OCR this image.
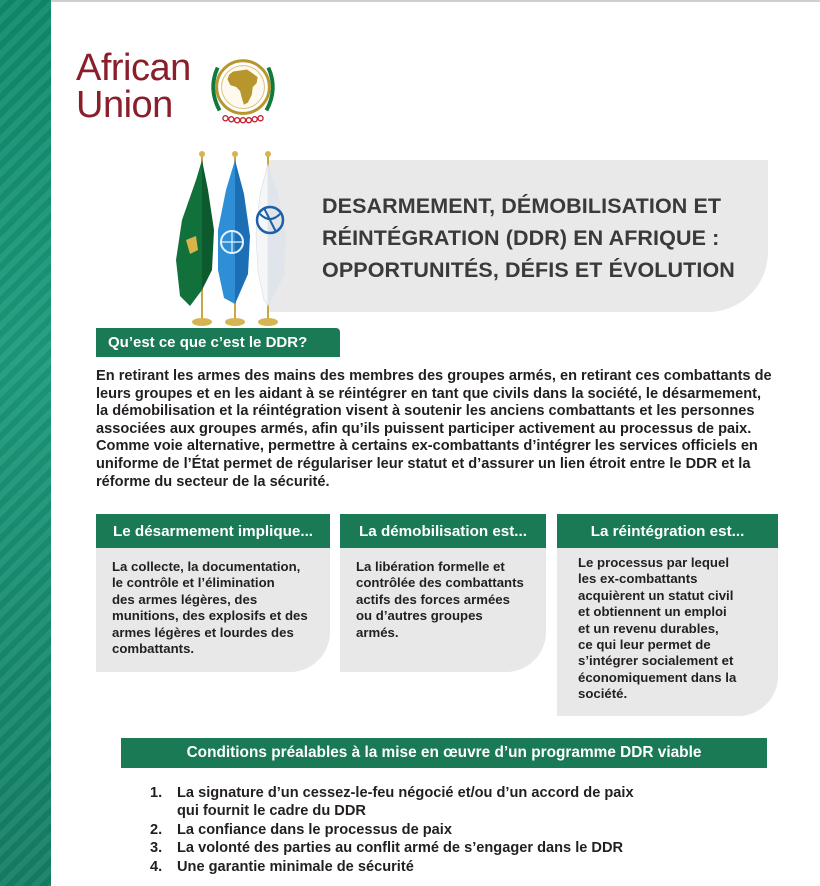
African
Union
DESARMEMENT, DÉMOBILISATION ET
RÉINTÉGRATION (DDR) EN AFRIQUE :
OPPORTUNITÉS, DÉFIS ET ÉVOLUTION
Qu’est ce que c’est le DDR?
En retirant les armes des mains des membres des groupes armés, en retirant ces combattants de
leurs groupes et en les aidant à se réintégrer en tant que civils dans la société, le désarmement,
la démobilisation et la réintégration visent à soutenir les anciens combattants et les personnes
associées aux groupes armés, afin qu’ils puissent participer activement au processus de paix.
Comme voie alternative, permettre à certains ex-combattants d’intégrer les services officiels en
uniforme de l’État permet de régulariser leur statut et d’assurer un lien étroit entre le DDR et la
réforme du secteur de la sécurité.
Le désarmement implique...
La collecte, la documentation,
le contrôle et l’élimination
des armes légères, des
munitions, des explosifs et des
armes légères et lourdes des
combattants.
La démobilisation est...
La libération formelle et
contrôlée des combattants
actifs des forces armées
ou d’autres groupes
armés.
La réintégration est...
Le processus par lequel
les ex-combattants
acquièrent un statut civil
et obtiennent un emploi
et un revenu durables,
ce qui leur permet de
s’intégrer socialement et
économiquement dans la
société.
Conditions préalables à la mise en œuvre d’un programme DDR viable
1. La signature d’un cessez-le-feu négocié et/ou d’un accord de paix
qui fournit le cadre du DDR
2. La confiance dans le processus de paix
3. La volonté des parties au conflit armé de s’engager dans le DDR
4. Une garantie minimale de sécurité
